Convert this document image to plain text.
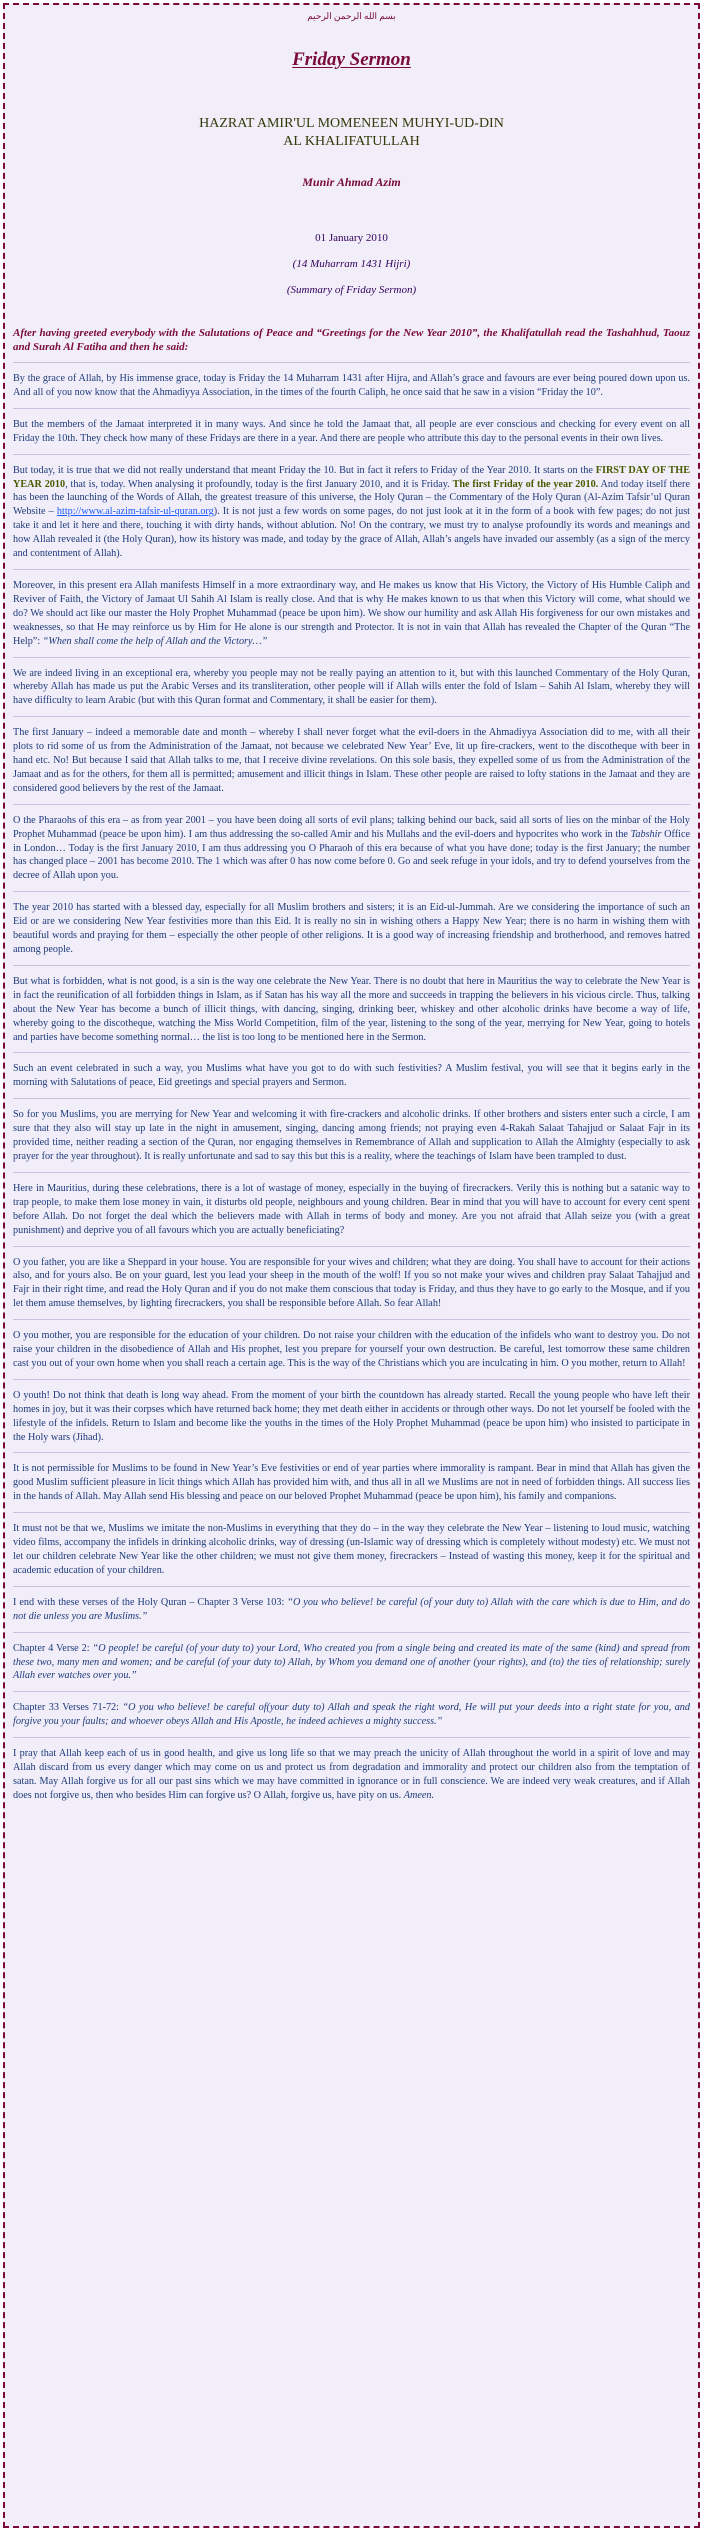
بسم الله الرحمن الرحيم
Friday Sermon
HAZRAT AMIR'UL MOMENEEN MUHYI-UD-DIN
AL KHALIFATULLAH
Munir Ahmad Azim
01 January 2010
(14 Muharram 1431 Hijri)
(Summary of Friday Sermon)
After having greeted everybody with the Salutations of Peace and “Greetings for the New Year 2010”, the Khalifatullah read the Tashahhud, Taouz and Surah Al Fatiha and then he said:

By the grace of Allah, by His immense grace, today is Friday the 14 Muharram 1431 after Hijra, and Allah’s grace and favours are ever being poured down upon us. And all of you now know that the Ahmadiyya Association, in the times of the fourth Caliph, he once said that he saw in a vision “Friday the 10”.

But the members of the Jamaat interpreted it in many ways. And since he told the Jamaat that, all people are ever conscious and checking for every event on all Friday the 10th. They check how many of these Fridays are there in a year. And there are people who attribute this day to the personal events in their own lives.

But today, it is true that we did not really understand that meant Friday the 10. But in fact it refers to Friday of the Year 2010. It starts on the FIRST DAY OF THE YEAR 2010, that is, today. When analysing it profoundly, today is the first January 2010, and it is Friday. The first Friday of the year 2010. And today itself there has been the launching of the Words of Allah, the greatest treasure of this universe, the Holy Quran – the Commentary of the Holy Quran (Al-Azim Tafsir’ul Quran Website – http://www.al-azim-tafsir-ul-quran.org). It is not just a few words on some pages, do not just look at it in the form of a book with few pages; do not just take it and let it here and there, touching it with dirty hands, without ablution. No! On the contrary, we must try to analyse profoundly its words and meanings and how Allah revealed it (the Holy Quran), how its history was made, and today by the grace of Allah, Allah’s angels have invaded our assembly (as a sign of the mercy and contentment of Allah).

Moreover, in this present era Allah manifests Himself in a more extraordinary way, and He makes us know that His Victory, the Victory of His Humble Caliph and Reviver of Faith, the Victory of Jamaat Ul Sahih Al Islam is really close. And that is why He makes known to us that when this Victory will come, what should we do? We should act like our master the Holy Prophet Muhammad (peace be upon him). We show our humility and ask Allah His forgiveness for our own mistakes and weaknesses, so that He may reinforce us by Him for He alone is our strength and Protector. It is not in vain that Allah has revealed the Chapter of the Quran “The Help”: “When shall come the help of Allah and the Victory…”

We are indeed living in an exceptional era, whereby you people may not be really paying an attention to it, but with this launched Commentary of the Holy Quran, whereby Allah has made us put the Arabic Verses and its transliteration, other people will if Allah wills enter the fold of Islam – Sahih Al Islam, whereby they will have difficulty to learn Arabic (but with this Quran format and Commentary, it shall be easier for them).

The first January – indeed a memorable date and month – whereby I shall never forget what the evil-doers in the Ahmadiyya Association did to me, with all their plots to rid some of us from the Administration of the Jamaat, not because we celebrated New Year’ Eve, lit up fire-crackers, went to the discotheque with beer in hand etc. No! But because I said that Allah talks to me, that I receive divine revelations. On this sole basis, they expelled some of us from the Administration of the Jamaat and as for the others, for them all is permitted; amusement and illicit things in Islam. These other people are raised to lofty stations in the Jamaat and they are considered good believers by the rest of the Jamaat.

O the Pharaohs of this era – as from year 2001 – you have been doing all sorts of evil plans; talking behind our back, said all sorts of lies on the minbar of the Holy Prophet Muhammad (peace be upon him). I am thus addressing the so-called Amir and his Mullahs and the evil-doers and hypocrites who work in the Tabshir Office in London… Today is the first January 2010, I am thus addressing you O Pharaoh of this era because of what you have done; today is the first January; the number has changed place – 2001 has become 2010. The 1 which was after 0 has now come before 0. Go and seek refuge in your idols, and try to defend yourselves from the decree of Allah upon you.

The year 2010 has started with a blessed day, especially for all Muslim brothers and sisters; it is an Eid-ul-Jummah. Are we considering the importance of such an Eid or are we considering New Year festivities more than this Eid. It is really no sin in wishing others a Happy New Year; there is no harm in wishing them with beautiful words and praying for them – especially the other people of other religions. It is a good way of increasing friendship and brotherhood, and removes hatred among people.

But what is forbidden, what is not good, is a sin is the way one celebrate the New Year. There is no doubt that here in Mauritius the way to celebrate the New Year is in fact the reunification of all forbidden things in Islam, as if Satan has his way all the more and succeeds in trapping the believers in his vicious circle. Thus, talking about the New Year has become a bunch of illicit things, with dancing, singing, drinking beer, whiskey and other alcoholic drinks have become a way of life, whereby going to the discotheque, watching the Miss World Competition, film of the year, listening to the song of the year, merrying for New Year, going to hotels and parties have become something normal… the list is too long to be mentioned here in the Sermon.

Such an event celebrated in such a way, you Muslims what have you got to do with such festivities? A Muslim festival, you will see that it begins early in the morning with Salutations of peace, Eid greetings and special prayers and Sermon.

So for you Muslims, you are merrying for New Year and welcoming it with fire-crackers and alcoholic drinks. If other brothers and sisters enter such a circle, I am sure that they also will stay up late in the night in amusement, singing, dancing among friends; not praying even 4-Rakah Salaat Tahajjud or Salaat Fajr in its provided time, neither reading a section of the Quran, nor engaging themselves in Remembrance of Allah and supplication to Allah the Almighty (especially to ask prayer for the year throughout). It is really unfortunate and sad to say this but this is a reality, where the teachings of Islam have been trampled to dust.

Here in Mauritius, during these celebrations, there is a lot of wastage of money, especially in the buying of firecrackers. Verily this is nothing but a satanic way to trap people, to make them lose money in vain, it disturbs old people, neighbours and young children. Bear in mind that you will have to account for every cent spent before Allah. Do not forget the deal which the believers made with Allah in terms of body and money. Are you not afraid that Allah seize you (with a great punishment) and deprive you of all favours which you are actually beneficiating?

O you father, you are like a Sheppard in your house. You are responsible for your wives and children; what they are doing. You shall have to account for their actions also, and for yours also. Be on your guard, lest you lead your sheep in the mouth of the wolf! If you so not make your wives and children pray Salaat Tahajjud and Fajr in their right time, and read the Holy Quran and if you do not make them conscious that today is Friday, and thus they have to go early to the Mosque, and if you let them amuse themselves, by lighting firecrackers, you shall be responsible before Allah. So fear Allah!

O you mother, you are responsible for the education of your children. Do not raise your children with the education of the infidels who want to destroy you. Do not raise your children in the disobedience of Allah and His prophet, lest you prepare for yourself your own destruction. Be careful, lest tomorrow these same children cast you out of your own home when you shall reach a certain age. This is the way of the Christians which you are inculcating in him. O you mother, return to Allah!

O youth! Do not think that death is long way ahead. From the moment of your birth the countdown has already started. Recall the young people who have left their homes in joy, but it was their corpses which have returned back home; they met death either in accidents or through other ways. Do not let yourself be fooled with the lifestyle of the infidels. Return to Islam and become like the youths in the times of the Holy Prophet Muhammad (peace be upon him) who insisted to participate in the Holy wars (Jihad).

It is not permissible for Muslims to be found in New Year’s Eve festivities or end of year parties where immorality is rampant. Bear in mind that Allah has given the good Muslim sufficient pleasure in licit things which Allah has provided him with, and thus all in all we Muslims are not in need of forbidden things. All success lies in the hands of Allah. May Allah send His blessing and peace on our beloved Prophet Muhammad (peace be upon him), his family and companions.

It must not be that we, Muslims we imitate the non-Muslims in everything that they do – in the way they celebrate the New Year – listening to loud music, watching video films, accompany the infidels in drinking alcoholic drinks, way of dressing (un-Islamic way of dressing which is completely without modesty) etc. We must not let our children celebrate New Year like the other children; we must not give them money, firecrackers – Instead of wasting this money, keep it for the spiritual and academic education of your children.

I end with these verses of the Holy Quran – Chapter 3 Verse 103: “O you who believe! be careful (of your duty to) Allah with the care which is due to Him, and do not die unless you are Muslims.”

Chapter 4 Verse 2: “O people! be careful (of your duty to) your Lord, Who created you from a single being and created its mate of the same (kind) and spread from these two, many men and women; and be careful (of your duty to) Allah, by Whom you demand one of another (your rights), and (to) the ties of relationship; surely Allah ever watches over you.”

Chapter 33 Verses 71-72: “O you who believe! be careful of(your duty to) Allah and speak the right word, He will put your deeds into a right state for you, and forgive you your faults; and whoever obeys Allah and His Apostle, he indeed achieves a mighty success.”

I pray that Allah keep each of us in good health, and give us long life so that we may preach the unicity of Allah throughout the world in a spirit of love and may Allah discard from us every danger which may come on us and protect us from degradation and immorality and protect our children also from the temptation of satan. May Allah forgive us for all our past sins which we may have committed in ignorance or in full conscience. We are indeed very weak creatures, and if Allah does not forgive us, then who besides Him can forgive us? O Allah, forgive us, have pity on us. Ameen.
